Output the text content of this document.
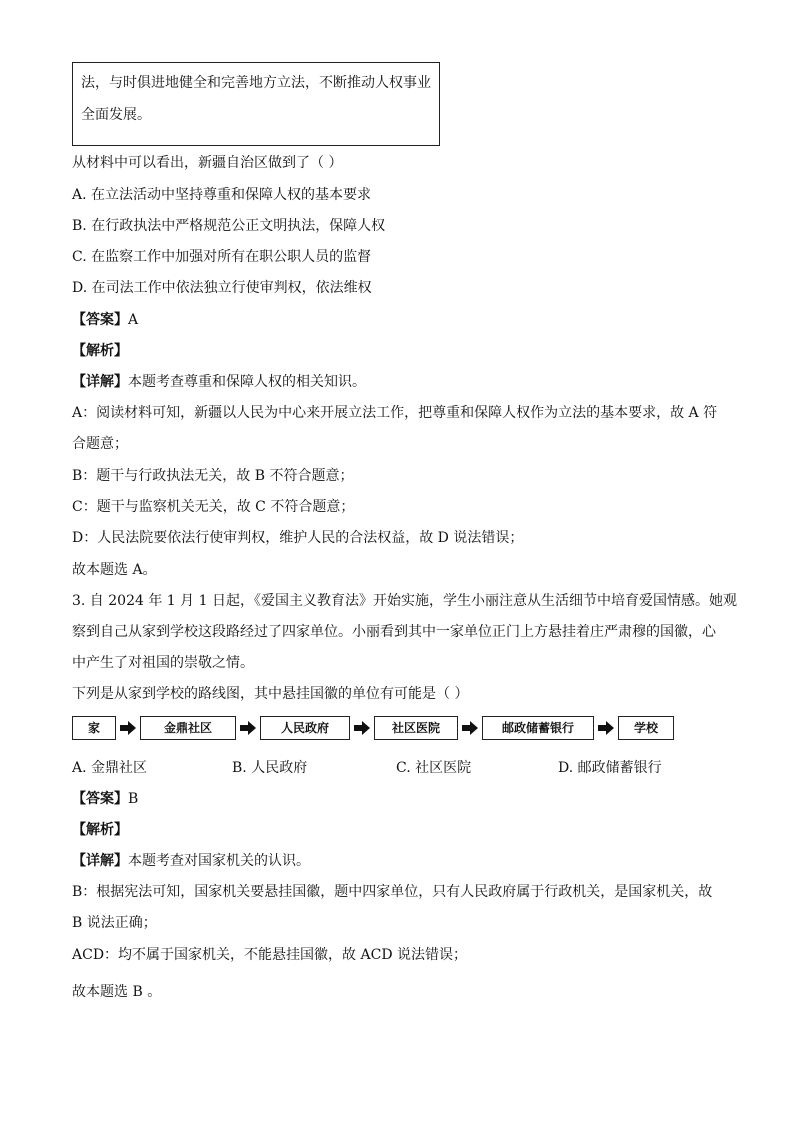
法，与时俱进地健全和完善地方立法，不断推动人权事业
全面发展。
从材料中可以看出，新疆自治区做到了（ ）
A. 在立法活动中坚持尊重和保障人权的基本要求
B. 在行政执法中严格规范公正文明执法，保障人权
C. 在监察工作中加强对所有在职公职人员的监督
D. 在司法工作中依法独立行使审判权，依法维权
【答案】A
【解析】
【详解】本题考查尊重和保障人权的相关知识。
A：阅读材料可知，新疆以人民为中心来开展立法工作，把尊重和保障人权作为立法的基本要求，故 A 符
合题意；
B：题干与行政执法无关，故 B 不符合题意；
C：题干与监察机关无关，故 C 不符合题意；
D：人民法院要依法行使审判权，维护人民的合法权益，故 D 说法错误；
故本题选 A。
3. 自 2024 年 1 月 1 日起，《爱国主义教育法》开始实施，学生小丽注意从生活细节中培育爱国情感。她观
察到自己从家到学校这段路经过了四家单位。小丽看到其中一家单位正门上方悬挂着庄严肃穆的国徽，心
中产生了对祖国的崇敬之情。
下列是从家到学校的路线图，其中悬挂国徽的单位有可能是（ ）
家	金鼎社区	人民政府	社区医院	邮政储蓄银行	学校
A. 金鼎社区	B. 人民政府	C. 社区医院	D. 邮政储蓄银行
【答案】B
【解析】
【详解】本题考查对国家机关的认识。
B：根据宪法可知，国家机关要悬挂国徽，题中四家单位，只有人民政府属于行政机关，是国家机关，故
B 说法正确；
ACD：均不属于国家机关，不能悬挂国徽，故 ACD 说法错误；
故本题选 B 。
